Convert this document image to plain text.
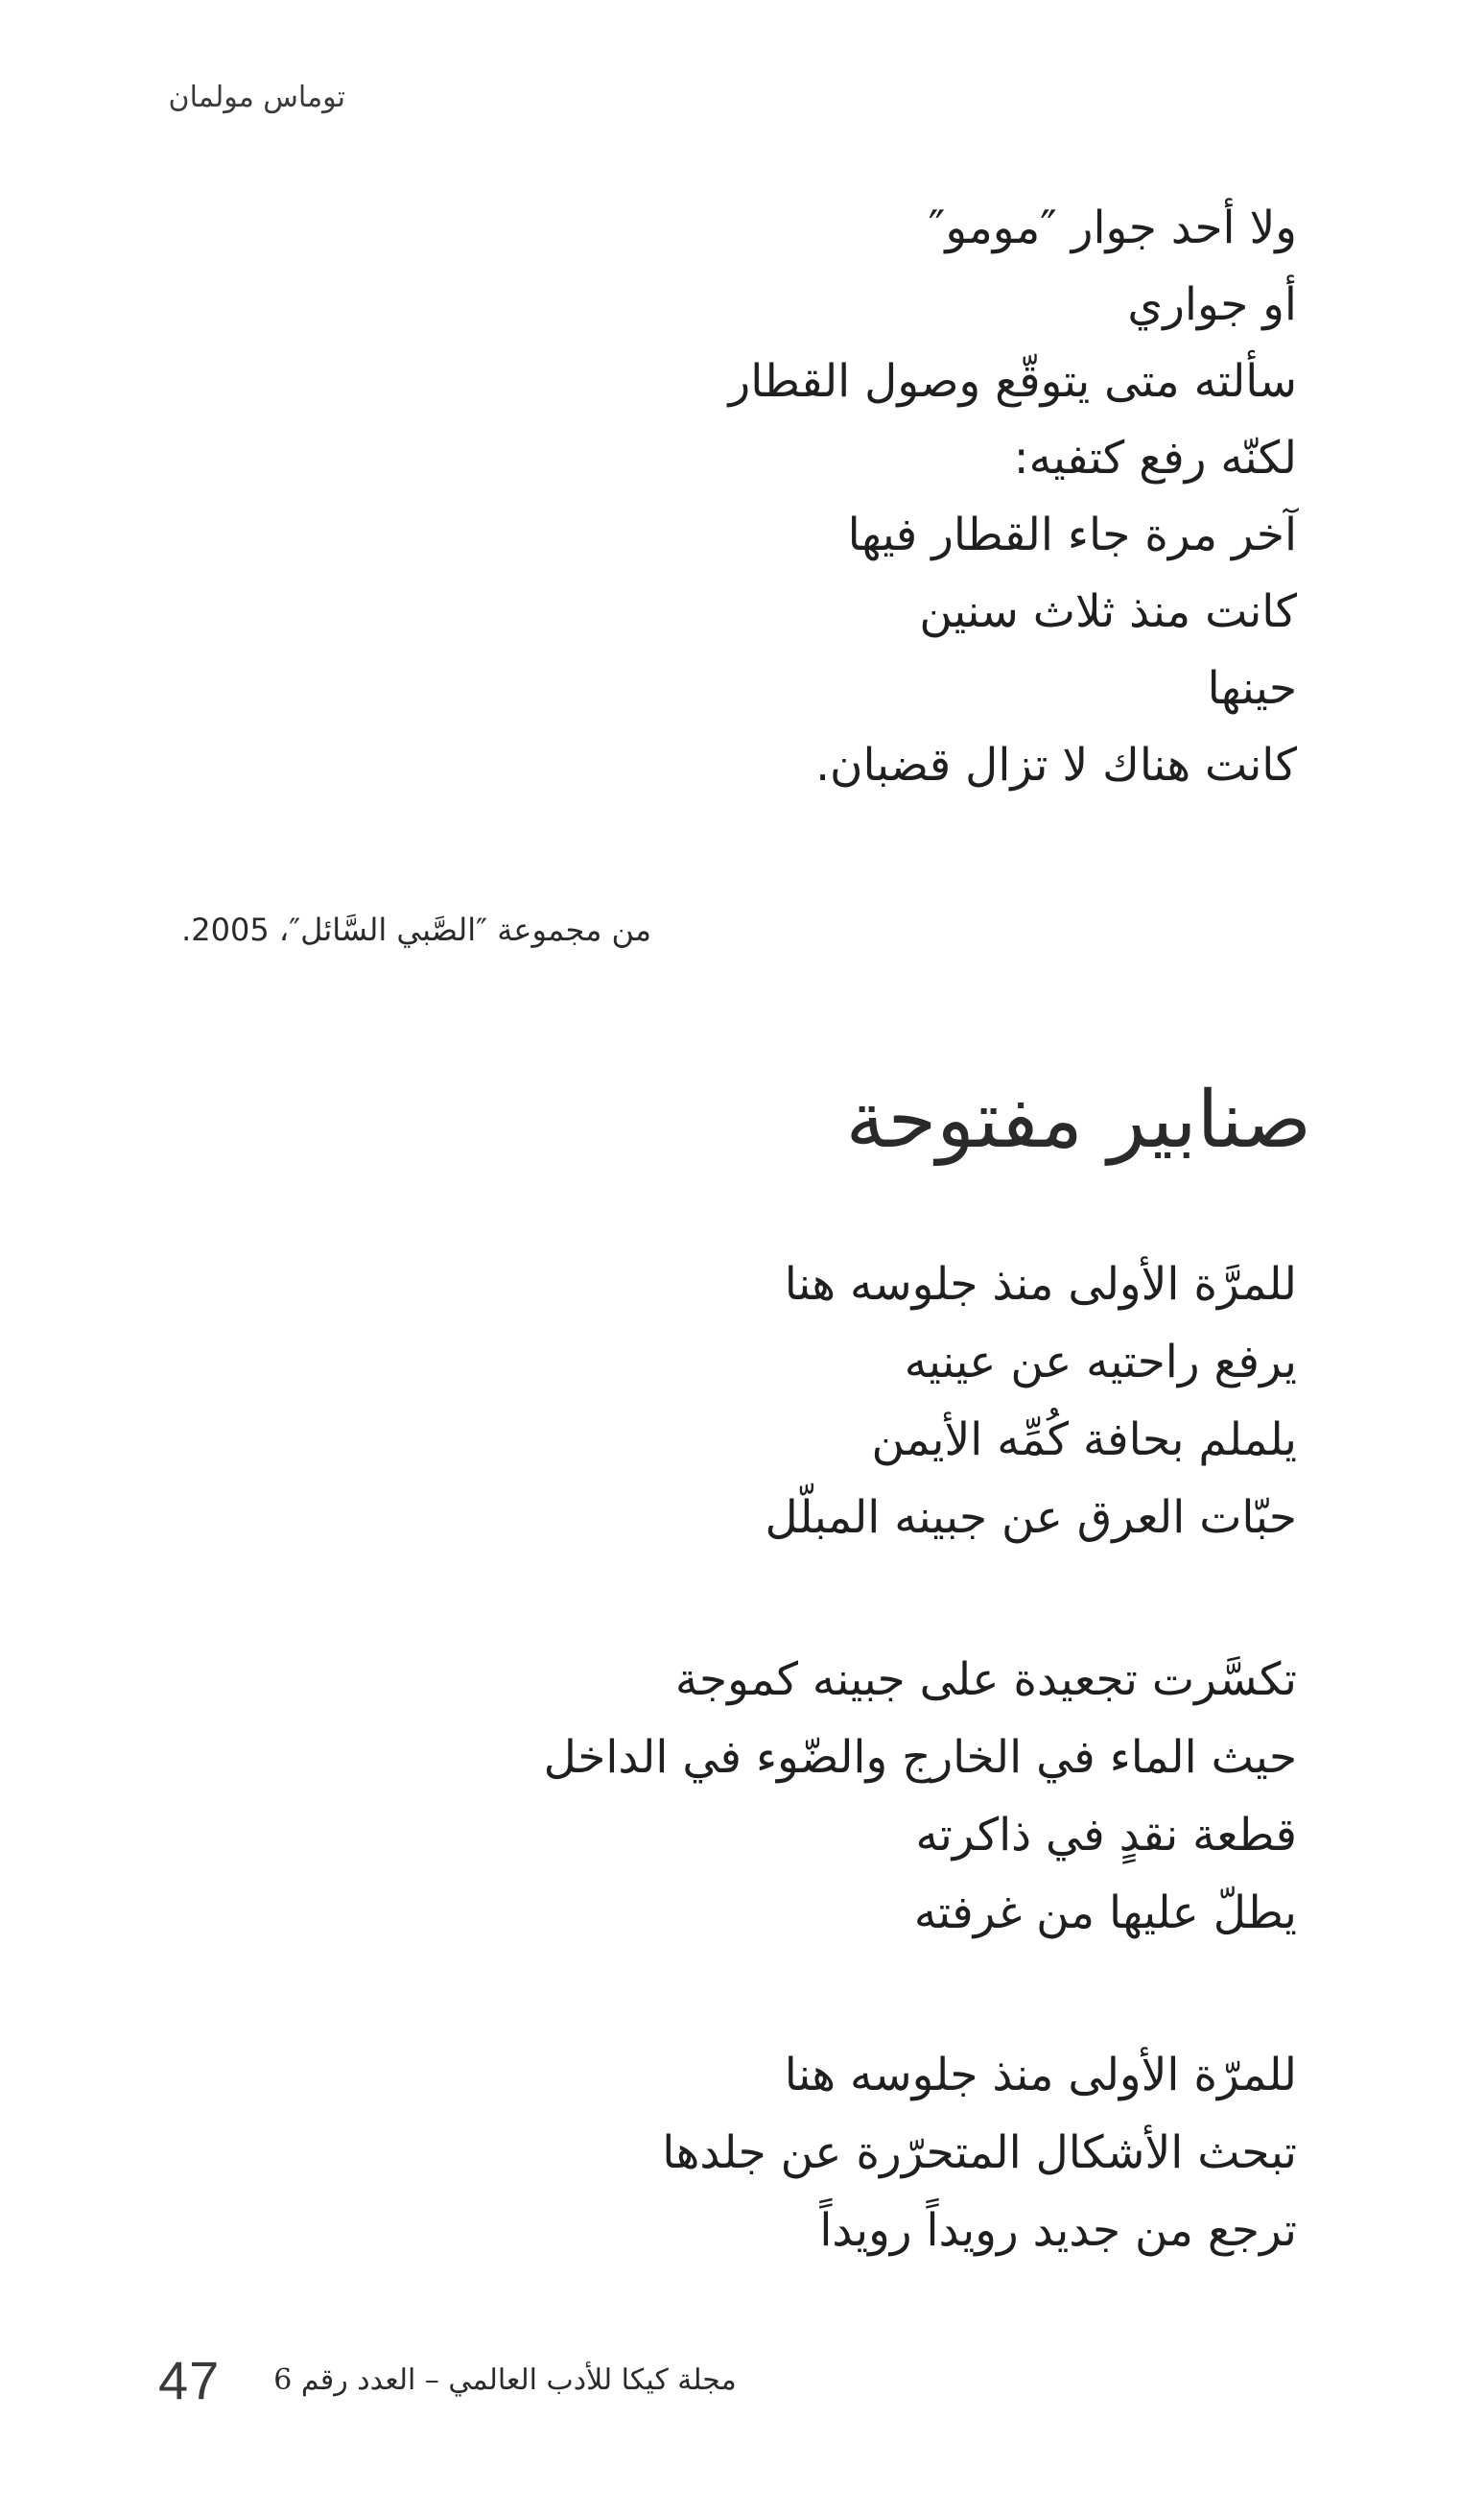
توماس مولمان
ولا أحد جوار ″مومو″
أو جواري
سألته متى يتوقّع وصول القطار
لكنّه رفع كتفيه:
آخر مرة جاء القطار فيها
كانت منذ ثلاث سنين
حينها
كانت هناك لا تزال قضبان.
من مجموعة ″الصَّبي السَّائل″، 2005.
صنابير مفتوحة
للمرَّة الأولى منذ جلوسه هنا
يرفع راحتيه عن عينيه
يلملم بحافة كُمِّه الأيمن
حبّات العرق عن جبينه المبلّل
تكسَّرت تجعيدة على جبينه كموجة
حيث الماء في الخارج والضّوء في الداخل
قطعة نقدٍ في ذاكرته
يطلّ عليها من غرفته
للمرّة الأولى منذ جلوسه هنا
تبحث الأشكال المتحرّرة عن جلدها
ترجع من جديد رويداً رويداً
47 مجلة كيكا للأدب العالمي – العدد رقم 6
